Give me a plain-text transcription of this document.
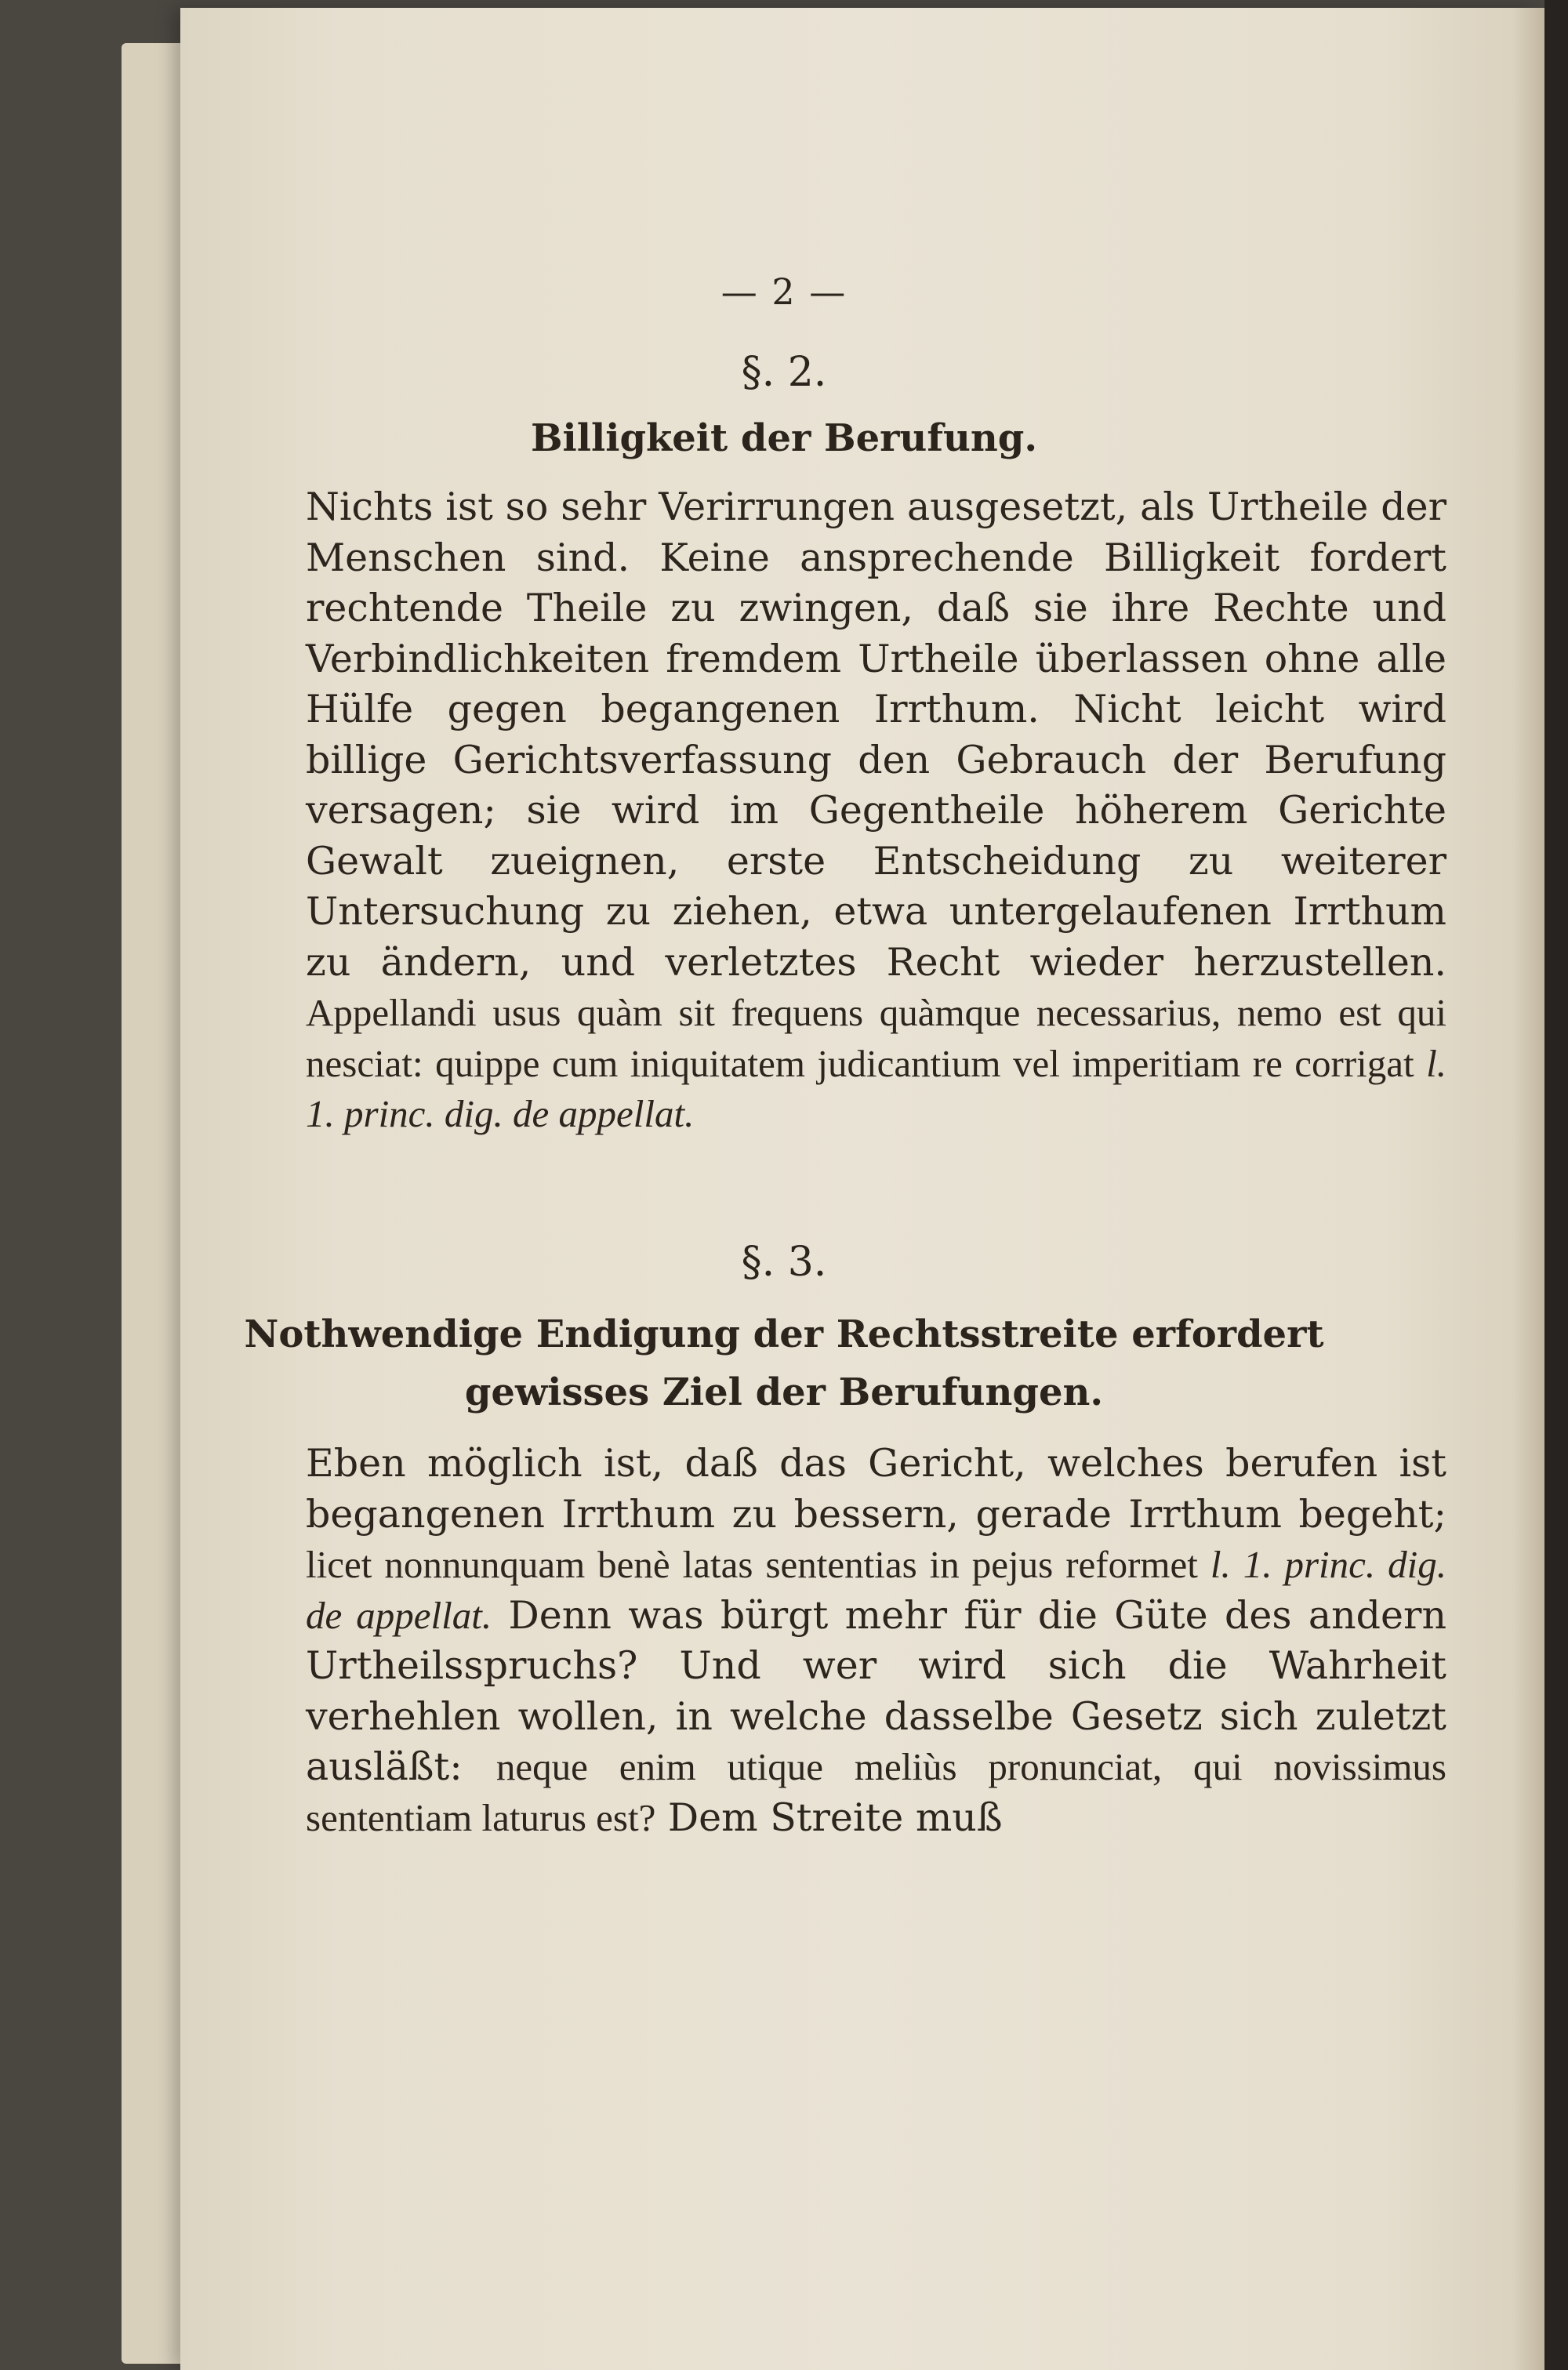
— 2 —
§. 2.
Billigkeit der Berufung.
Nichts ist so sehr Verirrungen ausgesetzt, als Urtheile der Menschen sind. Keine ansprechende Billigkeit fordert rechtende Theile zu zwingen, daß sie ihre Rechte und Verbindlichkeiten fremdem Urtheile überlassen ohne alle Hülfe gegen begangenen Irrthum. Nicht leicht wird billige Gerichtsverfassung den Gebrauch der Berufung versagen; sie wird im Gegentheile höherem Gerichte Gewalt zueignen, erste Entscheidung zu weiterer Untersuchung zu ziehen, etwa untergelaufenen Irrthum zu ändern, und verletztes Recht wieder herzustellen. Appellandi usus quàm sit frequens quàmque necessarius, nemo est qui nesciat: quippe cum iniquitatem judicantium vel imperitiam re corrigat l. 1. princ. dig. de appellat.
§. 3.
Nothwendige Endigung der Rechtsstreite erfordert
gewisses Ziel der Berufungen.
Eben möglich ist, daß das Gericht, welches berufen ist begangenen Irrthum zu bessern, gerade Irrthum begeht; licet nonnunquam benè latas sententias in pejus reformet l. 1. princ. dig. de appellat. Denn was bürgt mehr für die Güte des andern Urtheilsspruchs? Und wer wird sich die Wahrheit verhehlen wollen, in welche dasselbe Gesetz sich zuletzt ausläßt: neque enim utique meliùs pronunciat, qui novissimus sententiam laturus est? Dem Streite muß
